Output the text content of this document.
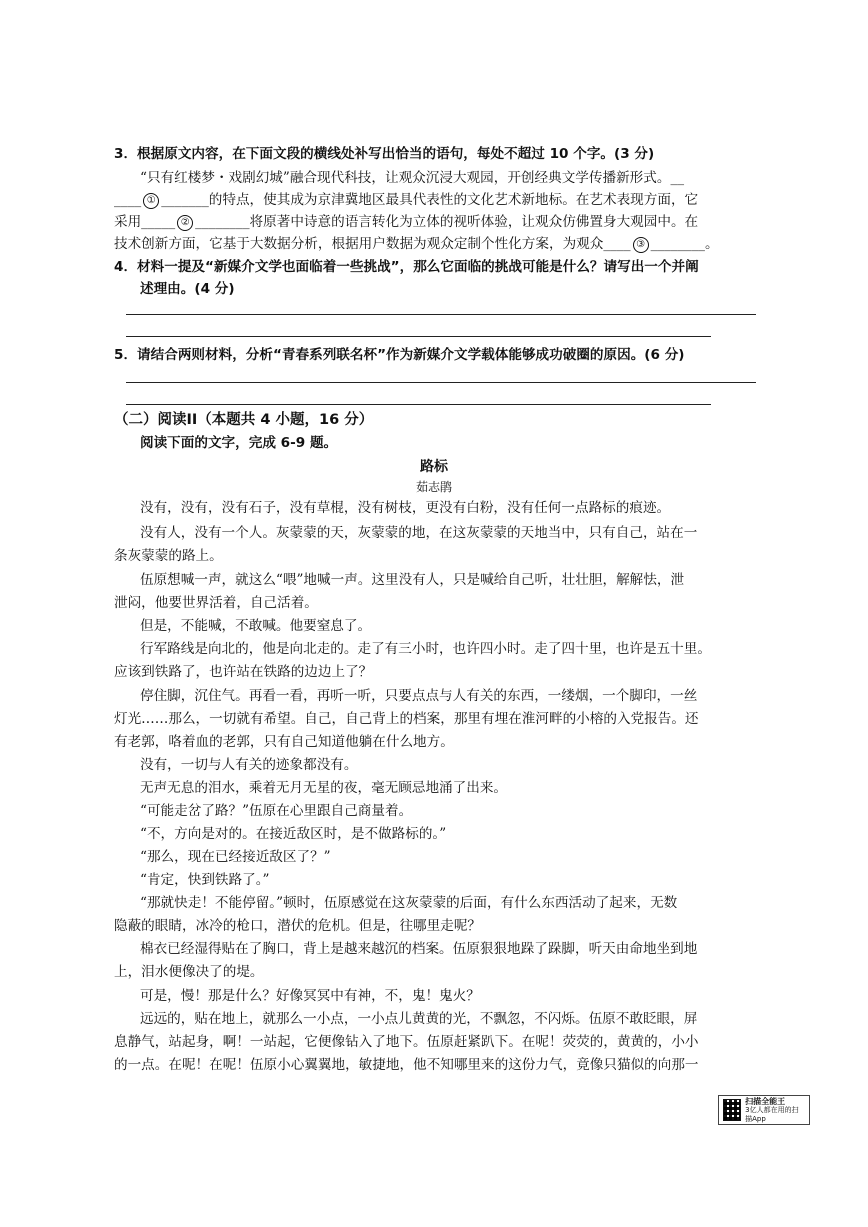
3．根据原文内容，在下面文段的横线处补写出恰当的语句，每处不超过 10 个字。(3 分)
“只有红楼梦・戏剧幻城”融合现代科技，让观众沉浸大观园，开创经典文学传播新形式。__
____ ① _______的特点，使其成为京津冀地区最具代表性的文化艺术新地标。在艺术表现方面，它
采用_____ ② ________将原著中诗意的语言转化为立体的视听体验，让观众仿佛置身大观园中。在
技术创新方面，它基于大数据分析，根据用户数据为观众定制个性化方案，为观众____ ③ ________。
4．材料一提及“新媒介文学也面临着一些挑战”，那么它面临的挑战可能是什么？请写出一个并阐
述理由。(4 分)
5．请结合两则材料，分析“青春系列联名杯”作为新媒介文学载体能够成功破圈的原因。(6 分)
（二）阅读II（本题共 4 小题，16 分）
阅读下面的文字，完成 6-9 题。
路标
茹志鹃
没有，没有，没有石子，没有草棍，没有树枝，更没有白粉，没有任何一点路标的痕迹。
没有人，没有一个人。灰蒙蒙的天，灰蒙蒙的地，在这灰蒙蒙的天地当中，只有自己，站在一
条灰蒙蒙的路上。
伍原想喊一声，就这么“喂”地喊一声。这里没有人，只是喊给自己听，壮壮胆，解解怯，泄
泄闷，他要世界活着，自己活着。
但是，不能喊，不敢喊。他要窒息了。
行军路线是向北的，他是向北走的。走了有三小时，也许四小时。走了四十里，也许是五十里。
应该到铁路了，也许站在铁路的边边上了？
停住脚，沉住气。再看一看，再听一听，只要点点与人有关的东西，一缕烟，一个脚印，一丝
灯光……那么，一切就有希望。自己，自己背上的档案，那里有埋在淮河畔的小榕的入党报告。还
有老郭，咯着血的老郭，只有自己知道他躺在什么地方。
没有，一切与人有关的迹象都没有。
无声无息的泪水，乘着无月无星的夜，毫无顾忌地涌了出来。
“可能走岔了路？”伍原在心里跟自己商量着。
“不，方向是对的。在接近敌区时，是不做路标的。”
“那么，现在已经接近敌区了？”
“肯定，快到铁路了。”
“那就快走！不能停留。”顿时，伍原感觉在这灰蒙蒙的后面，有什么东西活动了起来，无数
隐蔽的眼睛，冰冷的枪口，潜伏的危机。但是，往哪里走呢？
棉衣已经湿得贴在了胸口，背上是越来越沉的档案。伍原狠狠地跺了跺脚，听天由命地坐到地
上，泪水便像决了的堤。
可是，慢！那是什么？好像冥冥中有神，不，鬼！鬼火？
远远的，贴在地上，就那么一小点，一小点儿黄黄的光，不飘忽，不闪烁。伍原不敢眨眼，屏
息静气，站起身，啊！一站起，它便像钻入了地下。伍原赶紧趴下。在呢！荧荧的，黄黄的，小小
的一点。在呢！在呢！伍原小心翼翼地，敏捷地，他不知哪里来的这份力气，竟像只猫似的向那一
扫描全能王
3亿人都在用的扫描App
